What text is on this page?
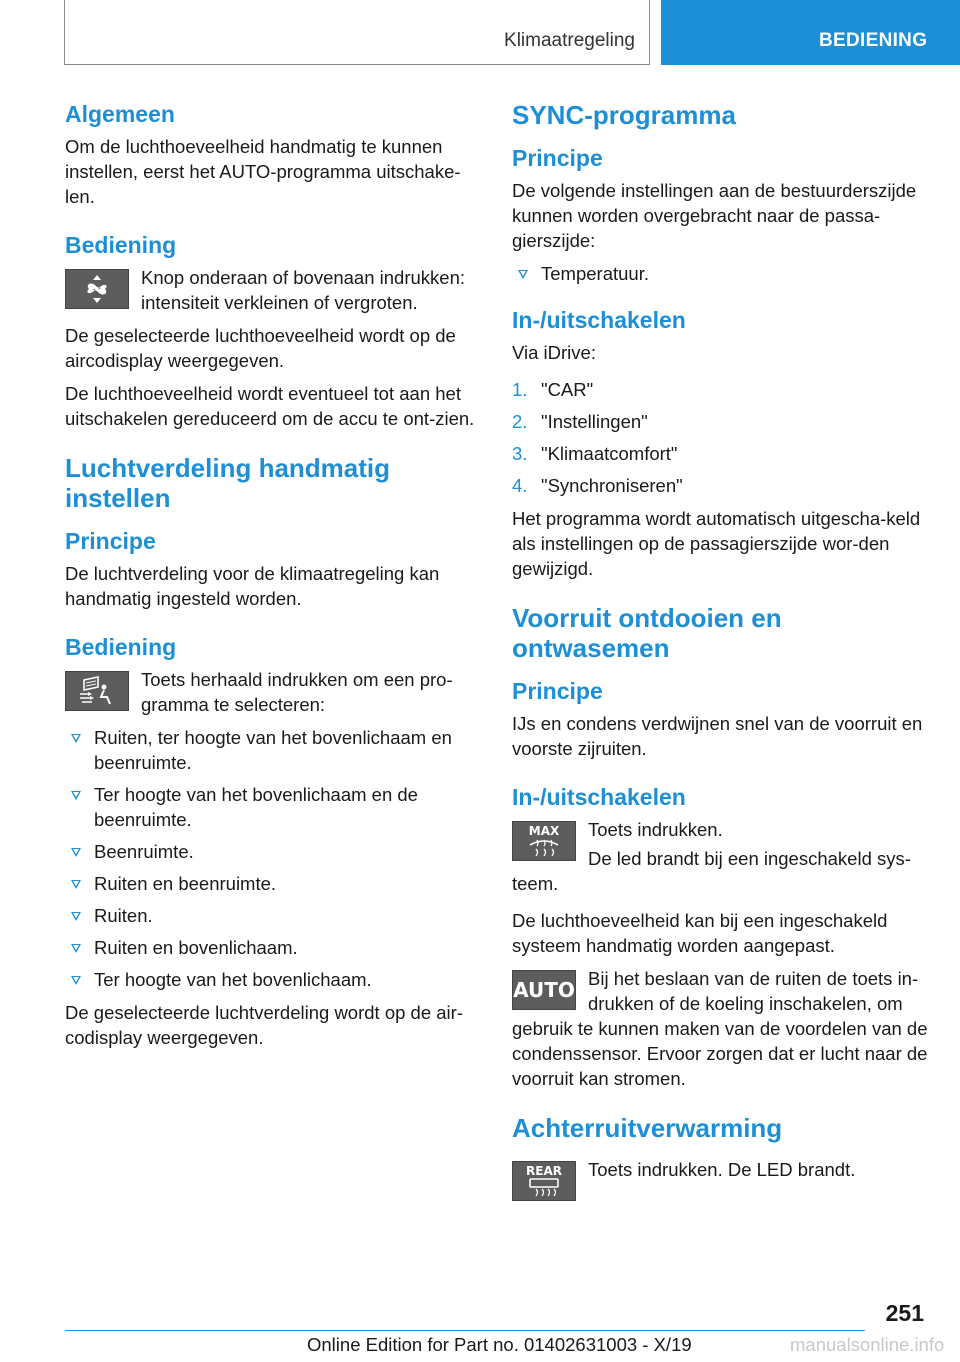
Klimaatregeling	BEDIENING
Algemeen
Om de luchthoeveelheid handmatig te kunnen instellen, eerst het AUTO-programma uitschake-len.
Bediening
Knop onderaan of bovenaan indrukken: intensiteit verkleinen of vergroten.
De geselecteerde luchthoeveelheid wordt op de aircodisplay weergegeven.
De luchthoeveelheid wordt eventueel tot aan het uitschakelen gereduceerd om de accu te ont-zien.
Luchtverdeling handmatig instellen
Principe
De luchtverdeling voor de klimaatregeling kan handmatig ingesteld worden.
Bediening
Toets herhaald indrukken om een pro-gramma te selecteren:
Ruiten, ter hoogte van het bovenlichaam en beenruimte.
Ter hoogte van het bovenlichaam en de beenruimte.
Beenruimte.
Ruiten en beenruimte.
Ruiten.
Ruiten en bovenlichaam.
Ter hoogte van het bovenlichaam.
De geselecteerde luchtverdeling wordt op de air-codisplay weergegeven.
SYNC-programma
Principe
De volgende instellingen aan de bestuurderszijde kunnen worden overgebracht naar de passa-gierszijde:
Temperatuur.
In-/uitschakelen
Via iDrive:
1. "CAR"
2. "Instellingen"
3. "Klimaatcomfort"
4. "Synchroniseren"
Het programma wordt automatisch uitgescha-keld als instellingen op de passagierszijde wor-den gewijzigd.
Voorruit ontdooien en ontwasemen
Principe
IJs en condens verdwijnen snel van de voorruit en voorste zijruiten.
In-/uitschakelen
MAX	Toets indrukken.
De led brandt bij een ingeschakeld sys-teem.
De luchthoeveelheid kan bij een ingeschakeld systeem handmatig worden aangepast.
AUTO Bij het beslaan van de ruiten de toets in-drukken of de koeling inschakelen, om gebruik te kunnen maken van de voordelen van de condenssensor. Ervoor zorgen dat er lucht naar de voorruit kan stromen.
Achterruitverwarming
REAR	Toets indrukken. De LED brandt.
251
Online Edition for Part no. 01402631003 - X/19	manualsonline.info
